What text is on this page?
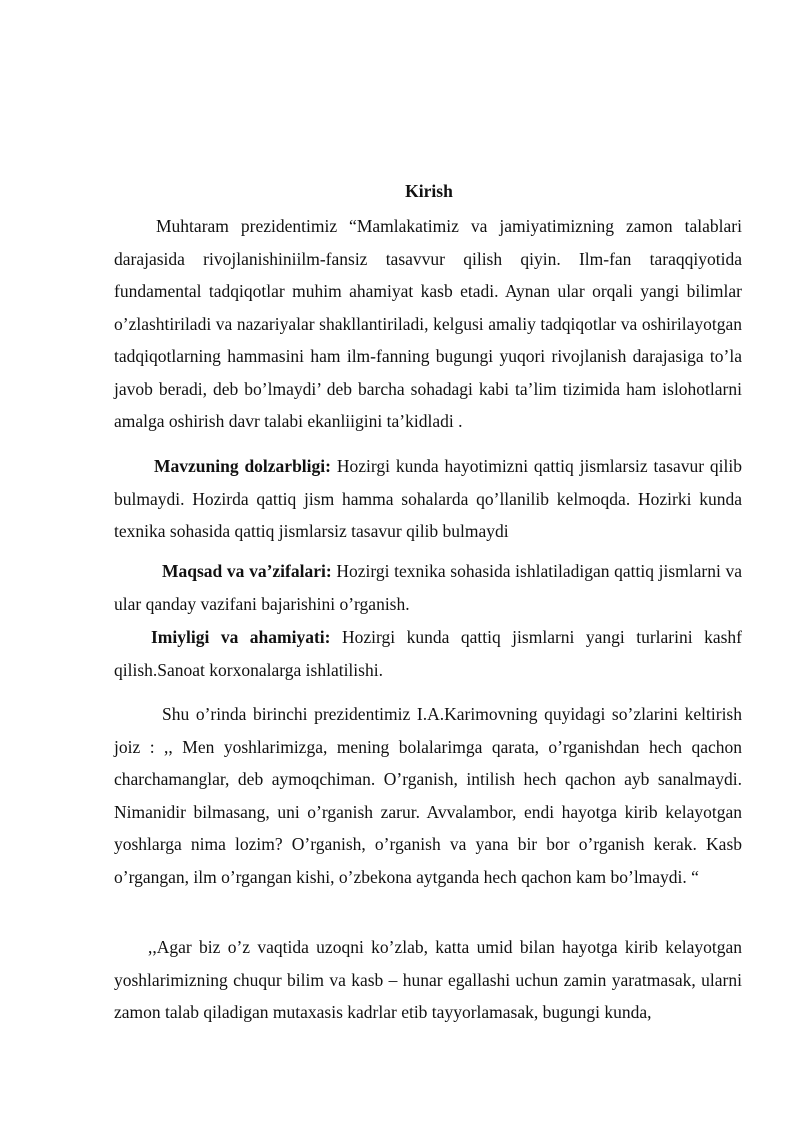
Kirish

Muhtaram prezidentimiz “Mamlakatimiz va jamiyatimizning zamon talablari darajasida rivojlanishiniilm-fansiz tasavvur qilish qiyin. Ilm-fan taraqqiyotida fundamental tadqiqotlar muhim ahamiyat kasb etadi. Aynan ular orqali yangi bilimlar o’zlashtiriladi va nazariyalar shakllantiriladi, kelgusi amaliy tadqiqotlar va oshirilayotgan tadqiqotlarning hammasini ham ilm-fanning bugungi yuqori rivojlanish darajasiga to’la javob beradi, deb bo’lmaydi’ deb barcha sohadagi kabi ta’lim tizimida ham islohotlarni amalga oshirish davr talabi ekanliigini ta’kidladi .

Mavzuning dolzarbligi: Hozirgi kunda hayotimizni qattiq jismlarsiz tasavur qilib bulmaydi. Hozirda qattiq jism hamma sohalarda qo’llanilib kelmoqda. Hozirki kunda texnika sohasida qattiq jismlarsiz tasavur qilib bulmaydi

Maqsad va va’zifalari: Hozirgi texnika sohasida ishlatiladigan qattiq jismlarni va ular qanday vazifani bajarishini o’rganish.

Imiyligi va ahamiyati: Hozirgi kunda qattiq jismlarni yangi turlarini kashf qilish.Sanoat korxonalarga ishlatilishi.

Shu o’rinda birinchi prezidentimiz I.A.Karimovning quyidagi so’zlarini keltirish joiz : ,, Men yoshlarimizga, mening bolalarimga qarata, o’rganishdan hech qachon charchamanglar, deb aymoqchiman. O’rganish, intilish hech qachon ayb sanalmaydi. Nimanidir bilmasang, uni o’rganish zarur. Avvalambor, endi hayotga kirib kelayotgan yoshlarga nima lozim? O’rganish, o’rganish va yana bir bor o’rganish kerak. Kasb o’rgangan, ilm o’rgangan kishi, o’zbekona aytganda hech qachon kam bo’lmaydi. “

,,Agar biz o’z vaqtida uzoqni ko’zlab, katta umid bilan hayotga kirib kelayotgan yoshlarimizning chuqur bilim va kasb – hunar egallashi uchun zamin yaratmasak, ularni zamon talab qiladigan mutaxasis kadrlar etib tayyorlamasak, bugungi kunda,
